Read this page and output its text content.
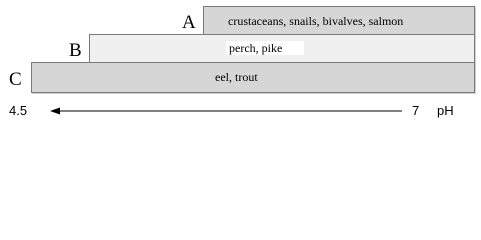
A
B
C
crustaceans, snails, bivalves, salmon
perch, pike
eel, trout
4.5	7 pH
